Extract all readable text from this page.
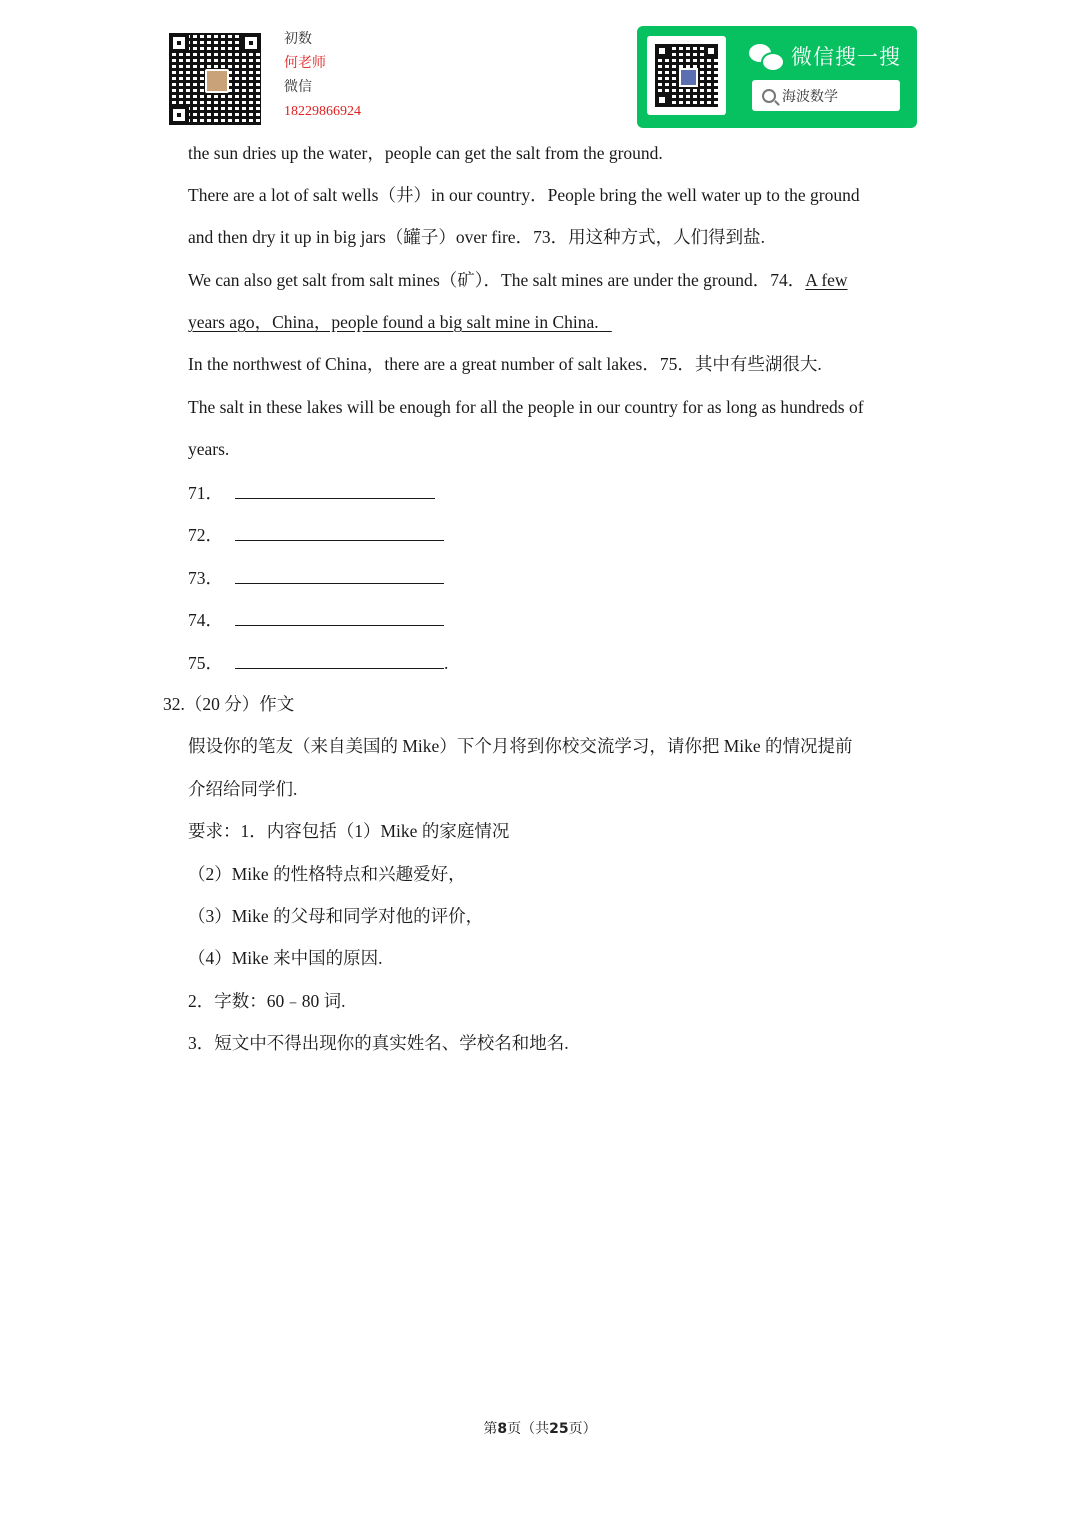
初数
何老师
微信
18229866924
微信搜一搜
海波数学
the sun dries up the water，people can get the salt from the ground.
There are a lot of salt wells（井）in our country．People bring the well water up to the ground
and then dry it up in big jars（罐子）over fire．73．用这种方式，人们得到盐.
We can also get salt from salt mines（矿）．The salt mines are under the ground．74．A few
years ago，China，people found a big salt mine in China.
In the northwest of China，there are a great number of salt lakes．75．其中有些湖很大.
The salt in these lakes will be enough for all the people in our country for as long as hundreds of
years.
71．
72．
73．
74．
75．	.
32.（20 分）作文
假设你的笔友（来自美国的 Mike）下个月将到你校交流学习，请你把 Mike 的情况提前
介绍给同学们.
要求：1．内容包括（1）Mike 的家庭情况
（2）Mike 的性格特点和兴趣爱好，
（3）Mike 的父母和同学对他的评价，
（4）Mike 来中国的原因.
2．字数：60﹣80 词.
3．短文中不得出现你的真实姓名、学校名和地名.
第8页（共25页）
